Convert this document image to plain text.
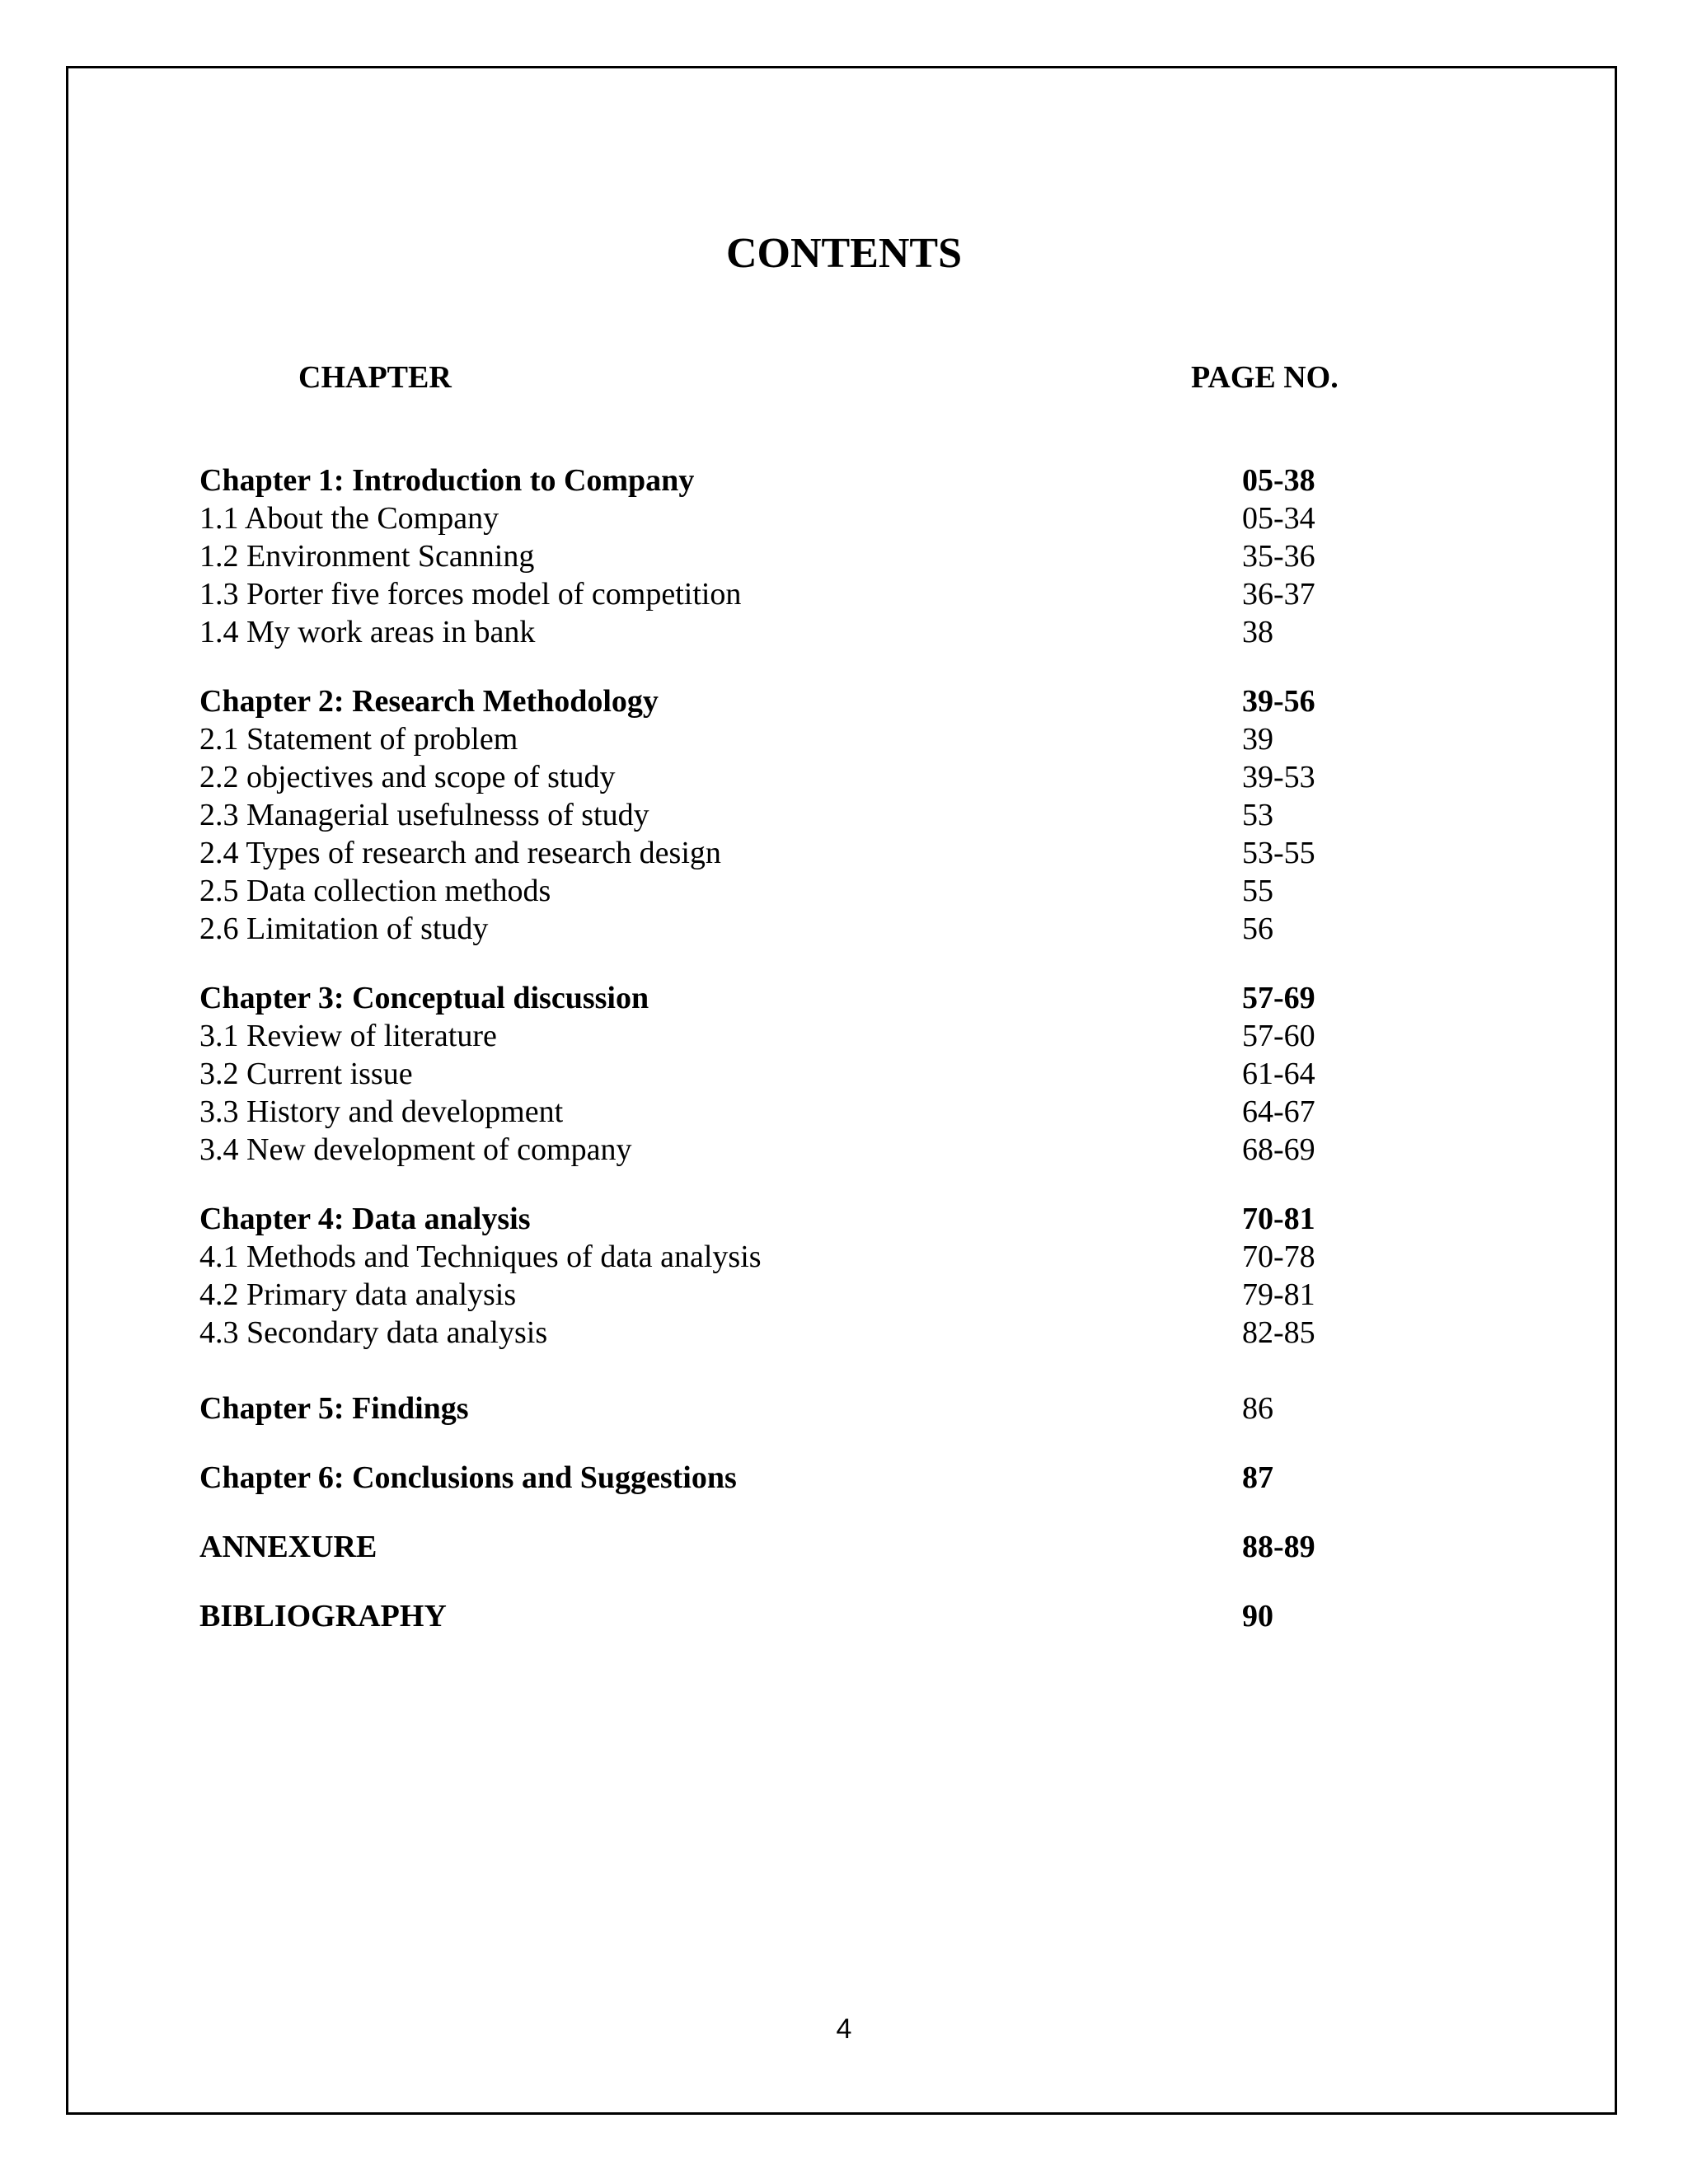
CONTENTS
CHAPTER	PAGE NO.
Chapter 1: Introduction to Company	05-38
1.1 About the Company	05-34
1.2 Environment Scanning	35-36
1.3 Porter five forces model of competition	36-37
1.4 My work areas in bank	38
Chapter 2: Research Methodology	39-56
2.1 Statement of problem	39
2.2 objectives and scope of study	39-53
2.3 Managerial usefulnesss of study	53
2.4 Types of research and research design	53-55
2.5 Data collection methods	55
2.6 Limitation of study	56
Chapter 3: Conceptual discussion	57-69
3.1 Review of literature	57-60
3.2 Current issue	61-64
3.3 History and development	64-67
3.4 New development of company	68-69
Chapter 4: Data analysis	70-81
4.1 Methods and Techniques of data analysis	70-78
4.2 Primary data analysis	79-81
4.3 Secondary data analysis	82-85
Chapter 5: Findings	86
Chapter 6: Conclusions and Suggestions	87
ANNEXURE	88-89
BIBLIOGRAPHY	90
4
